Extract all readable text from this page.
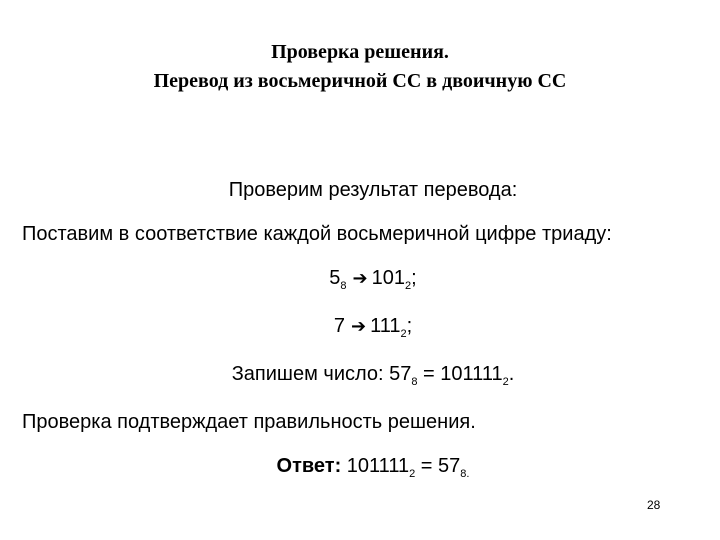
Проверка решения.
Перевод из восьмеричной СС в двоичную СС
Проверим результат перевода:
Поставим в соответствие каждой восьмеричной цифре триаду:
$5_8$ ➔ $101_2$;
7 ➔ $111_2$;
Запишем число: $57_8 = 101111_2$.
Проверка подтверждает правильность решения.
Ответ: $101111_2 = 57_{8.}$
28
